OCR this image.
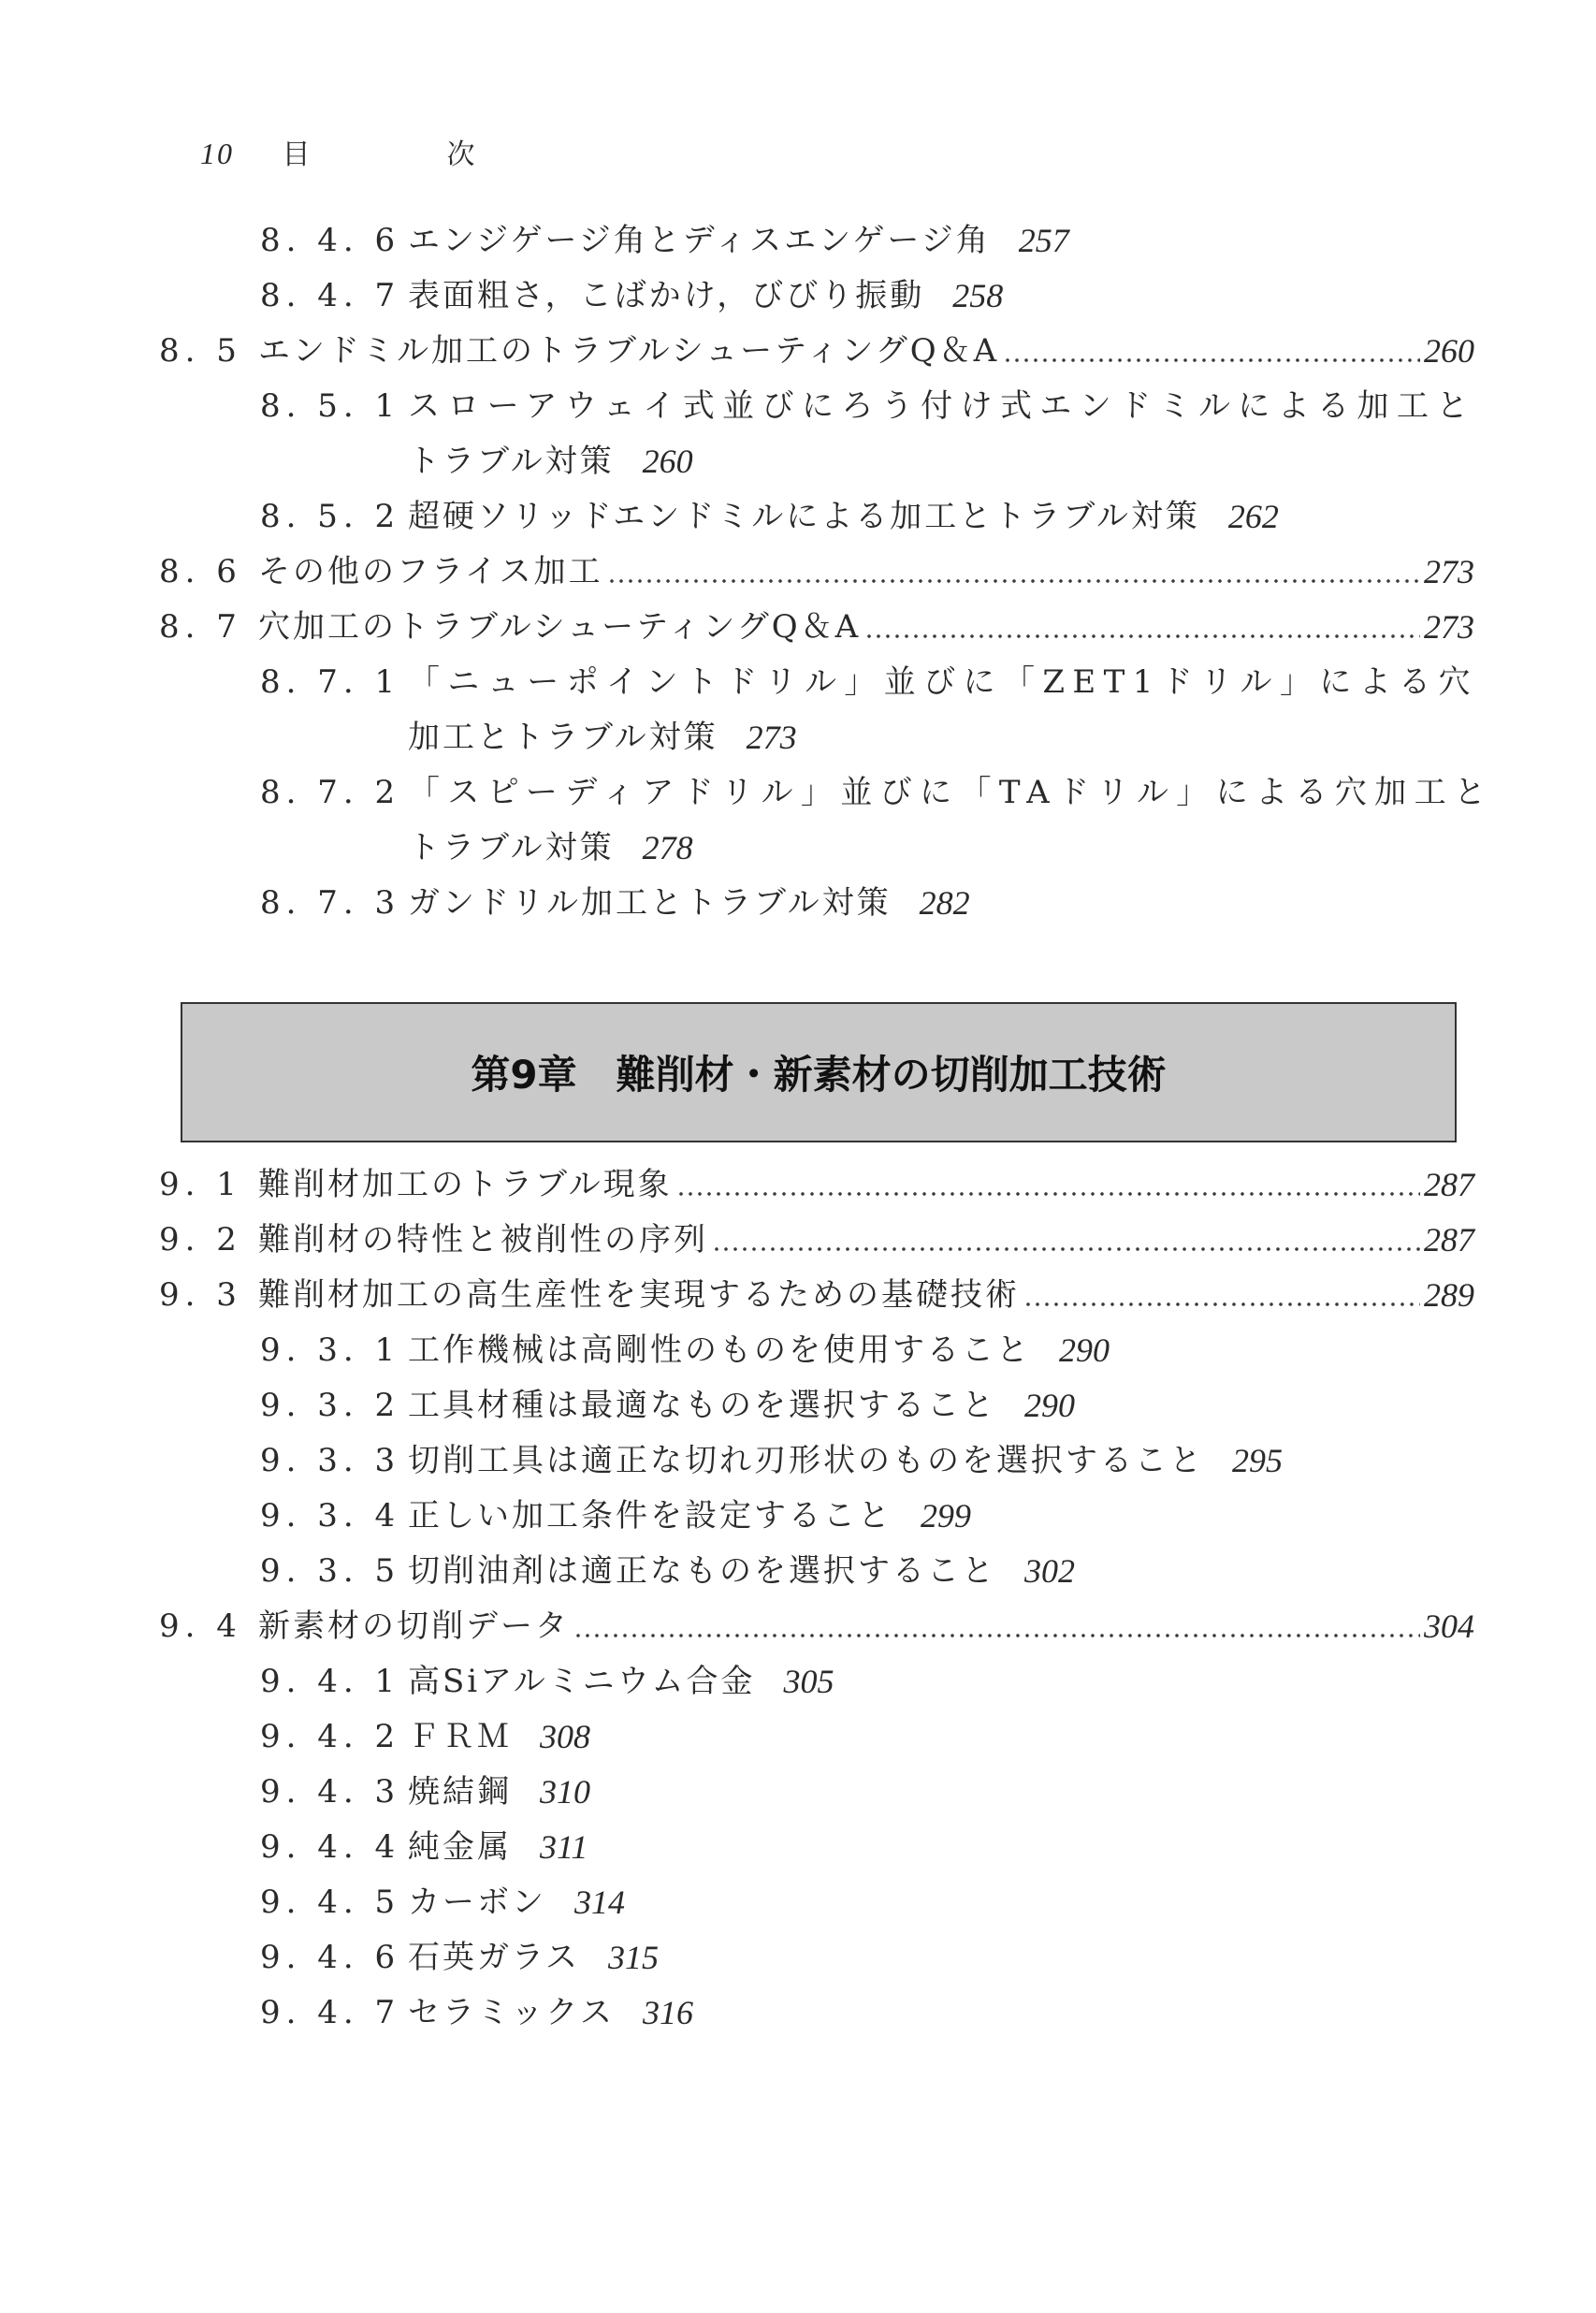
10 目　次
8. 4. 6 エンジゲージ角とディスエンゲージ角 257
8. 4. 7 表面粗さ，こばかけ，びびり振動 258
8. 5 エンドミル加工のトラブルシューティングQ＆A	260
8. 5. 1 スローアウェイ式並びにろう付け式エンドミルによる加工と
トラブル対策 260
8. 5. 2 超硬ソリッドエンドミルによる加工とトラブル対策 262
8. 6 その他のフライス加工	273
8. 7 穴加工のトラブルシューティングQ＆A	273
8. 7. 1 「ニューポイントドリル」並びに「ZET1ドリル」による穴
加工とトラブル対策 273
8. 7. 2 「スピーディアドリル」並びに「TAドリル」による穴加工と
トラブル対策 278
8. 7. 3 ガンドリル加工とトラブル対策 282
第9章　難削材・新素材の切削加工技術
9. 1 難削材加工のトラブル現象	287
9. 2 難削材の特性と被削性の序列	287
9. 3 難削材加工の高生産性を実現するための基礎技術	289
9. 3. 1 工作機械は高剛性のものを使用すること 290
9. 3. 2 工具材種は最適なものを選択すること 290
9. 3. 3 切削工具は適正な切れ刃形状のものを選択すること 295
9. 3. 4 正しい加工条件を設定すること 299
9. 3. 5 切削油剤は適正なものを選択すること 302
9. 4 新素材の切削データ	304
9. 4. 1 高Siアルミニウム合金 305
9. 4. 2 ＦＲＭ 308
9. 4. 3 焼結鋼 310
9. 4. 4 純金属 311
9. 4. 5 カーボン 314
9. 4. 6 石英ガラス 315
9. 4. 7 セラミックス 316
